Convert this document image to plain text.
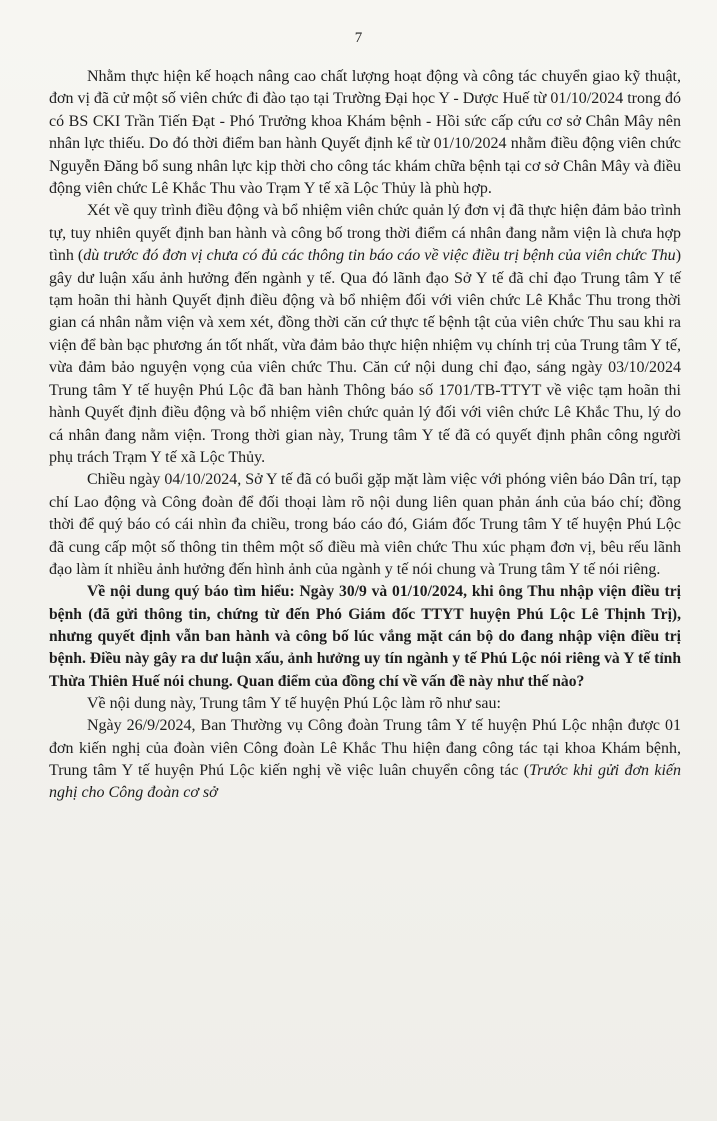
7

Nhằm thực hiện kế hoạch nâng cao chất lượng hoạt động và công tác chuyển giao kỹ thuật, đơn vị đã cử một số viên chức đi đào tạo tại Trường Đại học Y - Dược Huế từ 01/10/2024 trong đó có BS CKI Trần Tiến Đạt - Phó Trưởng khoa Khám bệnh - Hồi sức cấp cứu cơ sở Chân Mây nên nhân lực thiếu. Do đó thời điểm ban hành Quyết định kể từ 01/10/2024 nhằm điều động viên chức Nguyễn Đăng bổ sung nhân lực kịp thời cho công tác khám chữa bệnh tại cơ sở Chân Mây và điều động viên chức Lê Khắc Thu vào Trạm Y tế xã Lộc Thủy là phù hợp.

Xét về quy trình điều động và bổ nhiệm viên chức quản lý đơn vị đã thực hiện đảm bảo trình tự, tuy nhiên quyết định ban hành và công bố trong thời điểm cá nhân đang nằm viện là chưa hợp tình (dù trước đó đơn vị chưa có đủ các thông tin báo cáo về việc điều trị bệnh của viên chức Thu) gây dư luận xấu ảnh hưởng đến ngành y tế. Qua đó lãnh đạo Sở Y tế đã chỉ đạo Trung tâm Y tế tạm hoãn thi hành Quyết định điều động và bổ nhiệm đối với viên chức Lê Khắc Thu trong thời gian cá nhân nằm viện và xem xét, đồng thời căn cứ thực tế bệnh tật của viên chức Thu sau khi ra viện để bàn bạc phương án tốt nhất, vừa đảm bảo thực hiện nhiệm vụ chính trị của Trung tâm Y tế, vừa đảm bảo nguyện vọng của viên chức Thu. Căn cứ nội dung chỉ đạo, sáng ngày 03/10/2024 Trung tâm Y tế huyện Phú Lộc đã ban hành Thông báo số 1701/TB-TTYT về việc tạm hoãn thi hành Quyết định điều động và bổ nhiệm viên chức quản lý đối với viên chức Lê Khắc Thu, lý do cá nhân đang nằm viện. Trong thời gian này, Trung tâm Y tế đã có quyết định phân công người phụ trách Trạm Y tế xã Lộc Thủy.

Chiều ngày 04/10/2024, Sở Y tế đã có buổi gặp mặt làm việc với phóng viên báo Dân trí, tạp chí Lao động và Công đoàn để đối thoại làm rõ nội dung liên quan phản ánh của báo chí; đồng thời để quý báo có cái nhìn đa chiều, trong báo cáo đó, Giám đốc Trung tâm Y tế huyện Phú Lộc đã cung cấp một số thông tin thêm một số điều mà viên chức Thu xúc phạm đơn vị, bêu rếu lãnh đạo làm ít nhiều ảnh hưởng đến hình ảnh của ngành y tế nói chung và Trung tâm Y tế nói riêng.

Về nội dung quý báo tìm hiểu: Ngày 30/9 và 01/10/2024, khi ông Thu nhập viện điều trị bệnh (đã gửi thông tin, chứng từ đến Phó Giám đốc TTYT huyện Phú Lộc Lê Thịnh Trị), nhưng quyết định vẫn ban hành và công bố lúc vắng mặt cán bộ do đang nhập viện điều trị bệnh. Điều này gây ra dư luận xấu, ảnh hưởng uy tín ngành y tế Phú Lộc nói riêng và Y tế tỉnh Thừa Thiên Huế nói chung. Quan điểm của đồng chí về vấn đề này như thế nào?

Về nội dung này, Trung tâm Y tế huyện Phú Lộc làm rõ như sau:

Ngày 26/9/2024, Ban Thường vụ Công đoàn Trung tâm Y tế huyện Phú Lộc nhận được 01 đơn kiến nghị của đoàn viên Công đoàn Lê Khắc Thu hiện đang công tác tại khoa Khám bệnh, Trung tâm Y tế huyện Phú Lộc kiến nghị về việc luân chuyển công tác (Trước khi gửi đơn kiến nghị cho Công đoàn cơ sở
